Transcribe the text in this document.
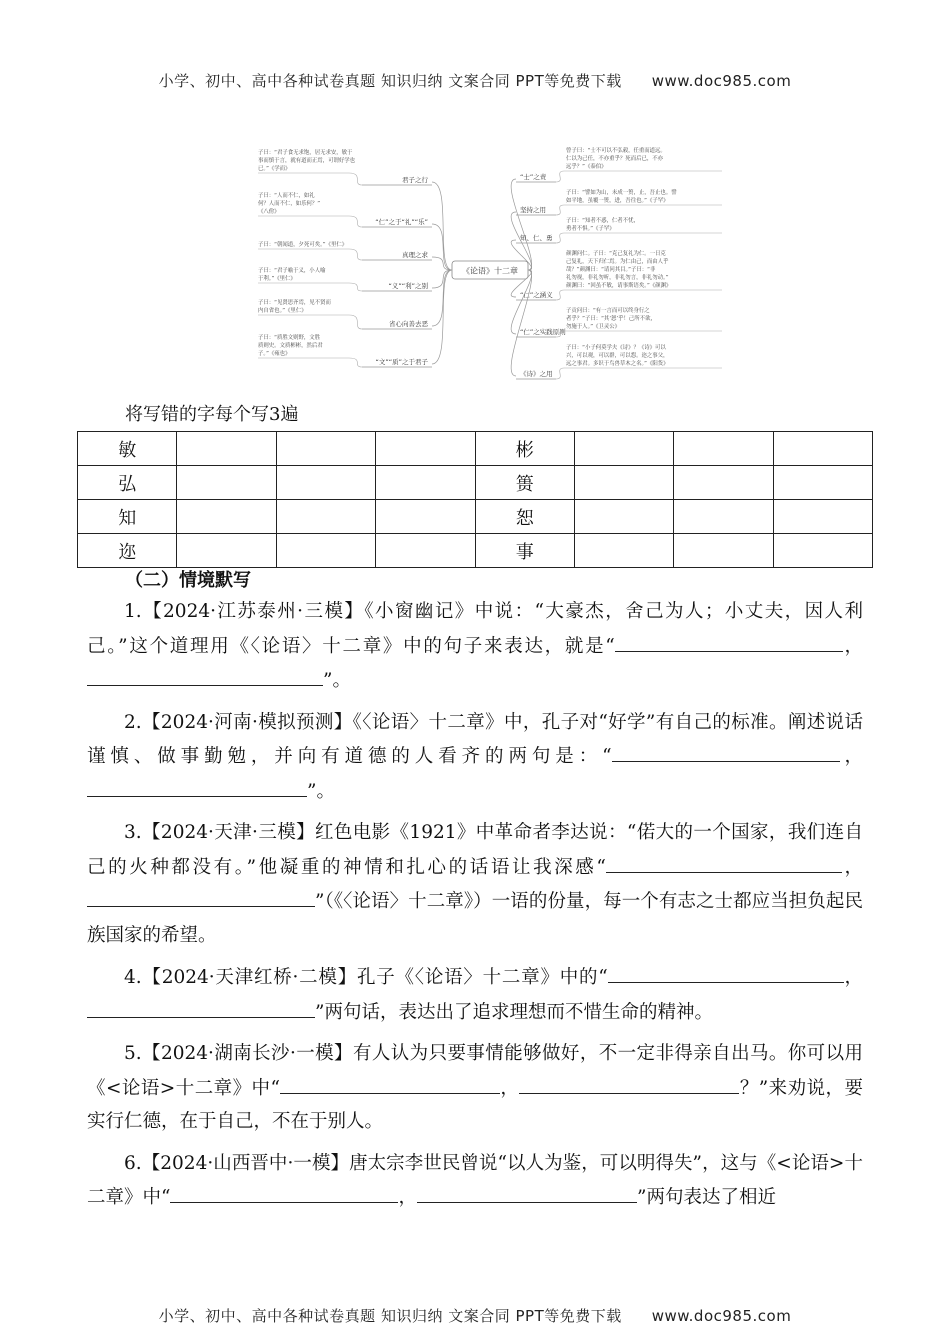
小学、初中、高中各种试卷真题 知识归纳 文案合同 PPT等免费下载 www.doc985.com
《论语》十二章
君子之行
子曰：“君子食无求饱，居无求安，敏于
事而慎于言，就有道而正焉，可谓好学也
已。”《学而》
“仁”之于“礼”“乐”
子曰：“人而不仁，如礼
何？人而不仁，如乐何？”
《八佾》
真理之求
子曰：“朝闻道，夕死可矣。”《里仁》
“义”“利”之别
子曰：“君子喻于义，小人喻
于利。”《里仁》
省心向善去恶
子曰：“见贤思齐焉，见不贤而
内自省也。”《里仁》
“文”“质”之于君子
子曰：“质胜文则野，文胜
质则史。文质彬彬，然后君
子。”《雍也》
“士”之责
曾子曰：“士不可以不弘毅，任重而道远。
仁以为己任，不亦重乎？死而后已，不亦
远乎？”《泰伯》
坚持之用
子曰：“譬如为山，未成一篑，止，吾止也。譬
如平地，虽覆一篑，进，吾往也。”《子罕》
知、仁、勇
子曰：“知者不惑，仁者不忧，
勇者不惧。”《子罕》
“仁”之涵义
颜渊问仁。子曰：“克己复礼为仁。一日克
己复礼，天下归仁焉。为仁由己，而由人乎
哉？”颜渊曰：“请问其目。”子曰：“非
礼勿视，非礼勿听，非礼勿言，非礼勿动。”
颜渊曰：“回虽不敏，请事斯语矣。”《颜渊》
“仁”之实践原则
子贡问曰：“有一言而可以终身行之
者乎？”子曰：“其‘恕’乎！己所不欲，
勿施于人。”《卫灵公》
《诗》之用
子曰：“小子何莫学夫《诗》？《诗》可以
兴，可以观，可以群，可以怨。迩之事父，
远之事君。多识于鸟兽草木之名。”《阳货》
将写错的字每个写3遍
敏				彬			
弘				篑			
知				恕			
迩				事			
（二）情境默写

1.【2024·江苏泰州·三模】《小窗幽记》中说：“大豪杰，舍己为人；小丈夫，因人利己。”这个道理用《〈论语〉十二章》中的句子来表达，就是“	，”。

2.【2024·河南·模拟预测】《〈论语〉十二章》中，孔子对“好学”有自己的标准。阐述说话谨慎、做事勤勉，并向有道德的人看齐的两句是：“	，”。

3.【2024·天津·三模】红色电影《1921》中革命者李达说：“偌大的一个国家，我们连自己的火种都没有。”他凝重的神情和扎心的话语让我深感“	，”（《〈论语〉十二章》）一语的份量，每一个有志之士都应当担负起民族国家的希望。

4.【2024·天津红桥·二模】孔子《〈论语〉十二章》中的“	，”两句话，表达出了追求理想而不惜生命的精神。

5.【2024·湖南长沙·一模】有人认为只要事情能够做好，不一定非得亲自出马。你可以用《<论语>十二章》中“	，	？”来劝说，要实行仁德，在于自己，不在于别人。

6.【2024·山西晋中·一模】唐太宗李世民曾说“以人为鉴，可以明得失”，这与《<论语>十二章》中“	，	”两句表达了相近

小学、初中、高中各种试卷真题 知识归纳 文案合同 PPT等免费下载 www.doc985.com
